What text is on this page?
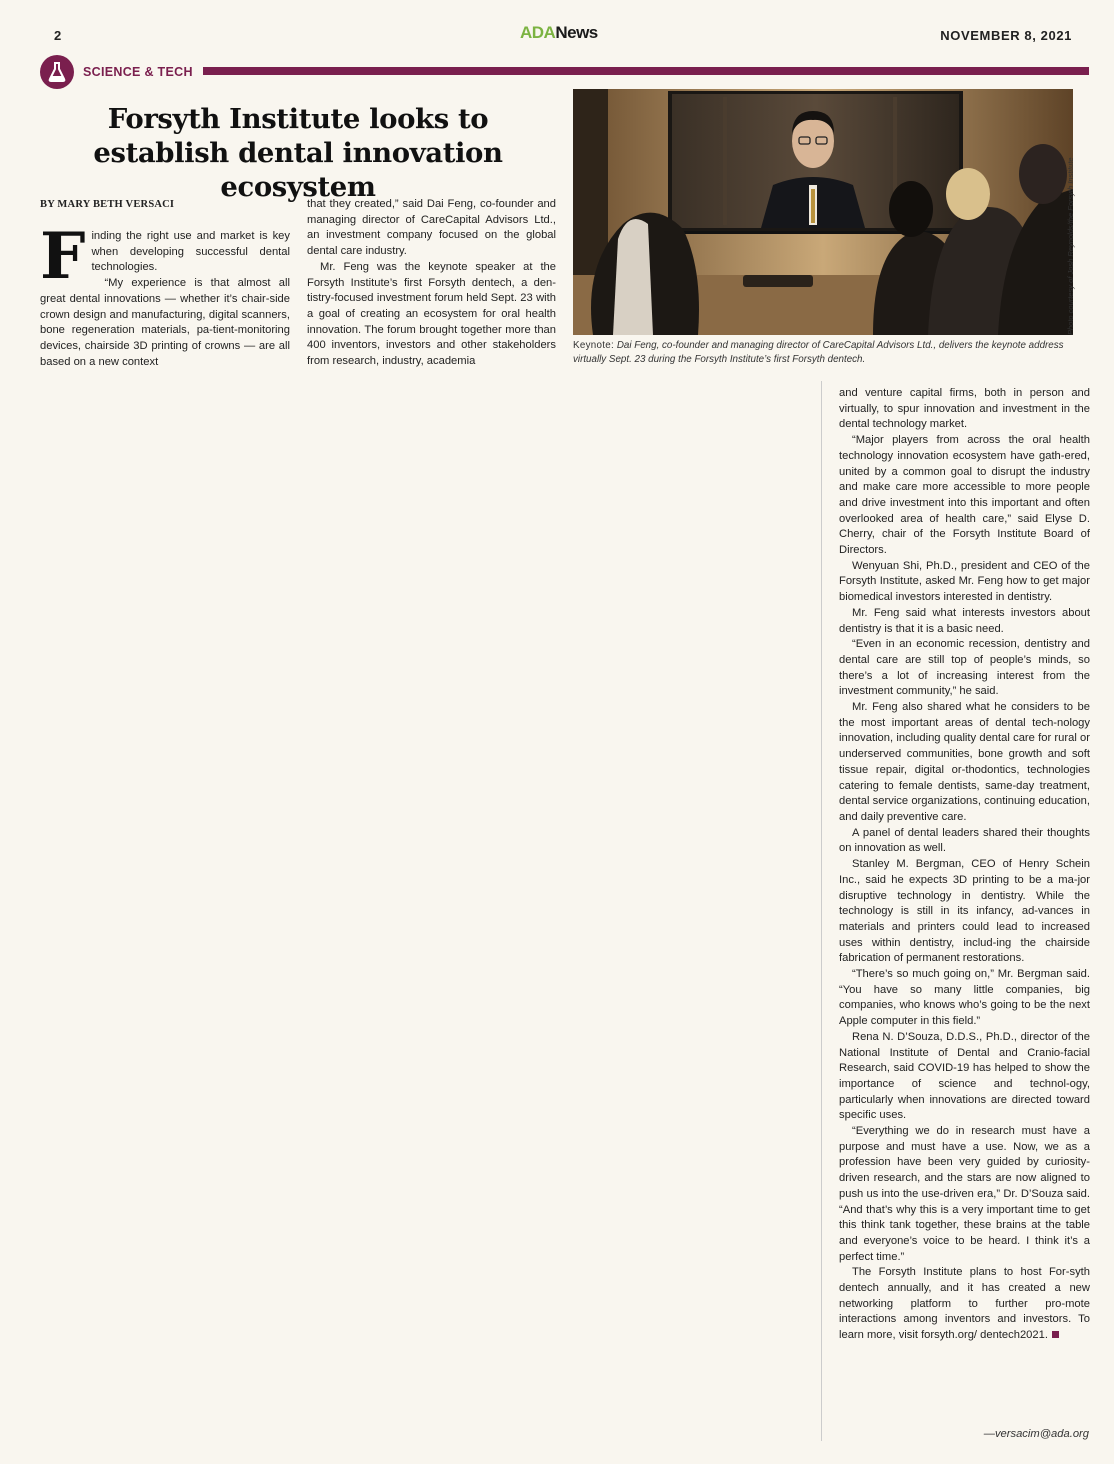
2	ADANews	NOVEMBER 8, 2021
SCIENCE & TECH
Forsyth Institute looks to establish dental innovation ecosystem
BY MARY BETH VERSACI
F inding the right use and market is key when developing successful dental technologies.

“My experience is that almost all great dental innovations — whether it’s chair-side crown design and manufacturing, digital scanners, bone regeneration materials, pa-tient-monitoring devices, chairside 3D printing of crowns — are all based on a new context

that they created,” said Dai Feng, co-founder and managing director of CareCapital Advisors Ltd., an investment company focused on the global dental care industry.

Mr. Feng was the keynote speaker at the Forsyth Institute’s first Forsyth dentech, a den-tistry-focused investment forum held Sept. 23 with a goal of creating an ecosystem for oral health innovation. The forum brought together more than 400 inventors, investors and other stakeholders from research, industry, academia

Photo courtesy of Josh Reynolds/the Forsyth Institute
Keynote: Dai Feng, co-founder and managing director of CareCapital Advisors Ltd., delivers the keynote address virtually Sept. 23 during the Forsyth Institute’s first Forsyth dentech.

and venture capital firms, both in person and virtually, to spur innovation and investment in the dental technology market.

“Major players from across the oral health technology innovation ecosystem have gath-ered, united by a common goal to disrupt the industry and make care more accessible to more people and drive investment into this important and often overlooked area of health care,” said Elyse D. Cherry, chair of the Forsyth Institute Board of Directors.

Wenyuan Shi, Ph.D., president and CEO of the Forsyth Institute, asked Mr. Feng how to get major biomedical investors interested in dentistry.

Mr. Feng said what interests investors about dentistry is that it is a basic need.

“Even in an economic recession, dentistry and dental care are still top of people’s minds, so there’s a lot of increasing interest from the investment community,” he said.

Mr. Feng also shared what he considers to be the most important areas of dental tech-nology innovation, including quality dental care for rural or underserved communities, bone growth and soft tissue repair, digital or-thodontics, technologies catering to female dentists, same-day treatment, dental service organizations, continuing education, and daily preventive care.

A panel of dental leaders shared their thoughts on innovation as well.

Stanley M. Bergman, CEO of Henry Schein Inc., said he expects 3D printing to be a ma-jor disruptive technology in dentistry. While the technology is still in its infancy, ad-vances in materials and printers could lead to increased uses within dentistry, includ-ing the chairside fabrication of permanent restorations.

“There’s so much going on,” Mr. Bergman said. “You have so many little companies, big companies, who knows who’s going to be the next Apple computer in this field.”

Rena N. D’Souza, D.D.S., Ph.D., director of the National Institute of Dental and Cranio-facial Research, said COVID-19 has helped to show the importance of science and technol-ogy, particularly when innovations are directed toward specific uses.

“Everything we do in research must have a purpose and must have a use. Now, we as a profession have been very guided by curiosity-driven research, and the stars are now aligned to push us into the use-driven era,” Dr. D’Souza said. “And that’s why this is a very important time to get this think tank together, these brains at the table and everyone’s voice to be heard. I think it’s a perfect time.”

The Forsyth Institute plans to host For-syth dentech annually, and it has created a new networking platform to further pro-mote interactions among inventors and investors. To learn more, visit forsyth.org/ dentech2021.

—versacim@ada.org
